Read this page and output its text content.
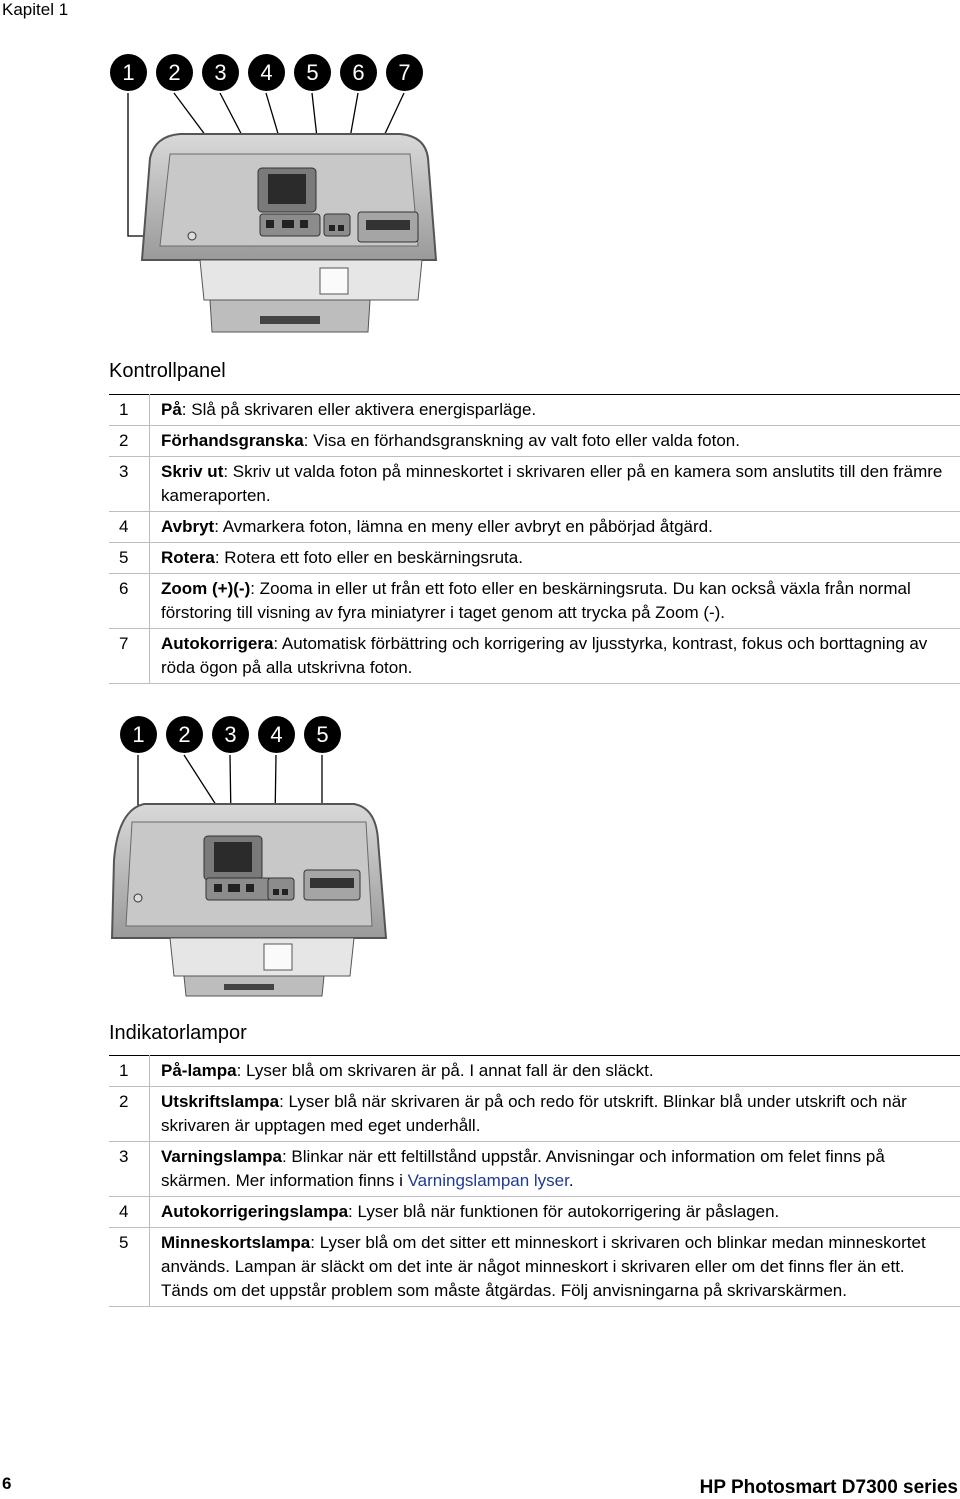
Kapitel 1
1	2	3	4	5	6	7
Kontrollpanel
1	På: Slå på skrivaren eller aktivera energisparläge.
2	Förhandsgranska: Visa en förhandsgranskning av valt foto eller valda foton.
3	Skriv ut: Skriv ut valda foton på minneskortet i skrivaren eller på en kamera som anslutits till den främre kameraporten.
4	Avbryt: Avmarkera foton, lämna en meny eller avbryt en påbörjad åtgärd.
5	Rotera: Rotera ett foto eller en beskärningsruta.
6	Zoom (+)(-): Zooma in eller ut från ett foto eller en beskärningsruta. Du kan också växla från normal förstoring till visning av fyra miniatyrer i taget genom att trycka på Zoom (-).
7	Autokorrigera: Automatisk förbättring och korrigering av ljusstyrka, kontrast, fokus och borttagning av röda ögon på alla utskrivna foton.
1	2	3	4	5
Indikatorlampor
1	På-lampa: Lyser blå om skrivaren är på. I annat fall är den släckt.
2	Utskriftslampa: Lyser blå när skrivaren är på och redo för utskrift. Blinkar blå under utskrift och när skrivaren är upptagen med eget underhåll.
3	Varningslampa: Blinkar när ett feltillstånd uppstår. Anvisningar och information om felet finns på skärmen. Mer information finns i Varningslampan lyser.
4	Autokorrigeringslampa: Lyser blå när funktionen för autokorrigering är påslagen.
5	Minneskortslampa: Lyser blå om det sitter ett minneskort i skrivaren och blinkar medan minneskortet används. Lampan är släckt om det inte är något minneskort i skrivaren eller om det finns fler än ett. Tänds om det uppstår problem som måste åtgärdas. Följ anvisningarna på skrivarskärmen.
6	HP Photosmart D7300 series
